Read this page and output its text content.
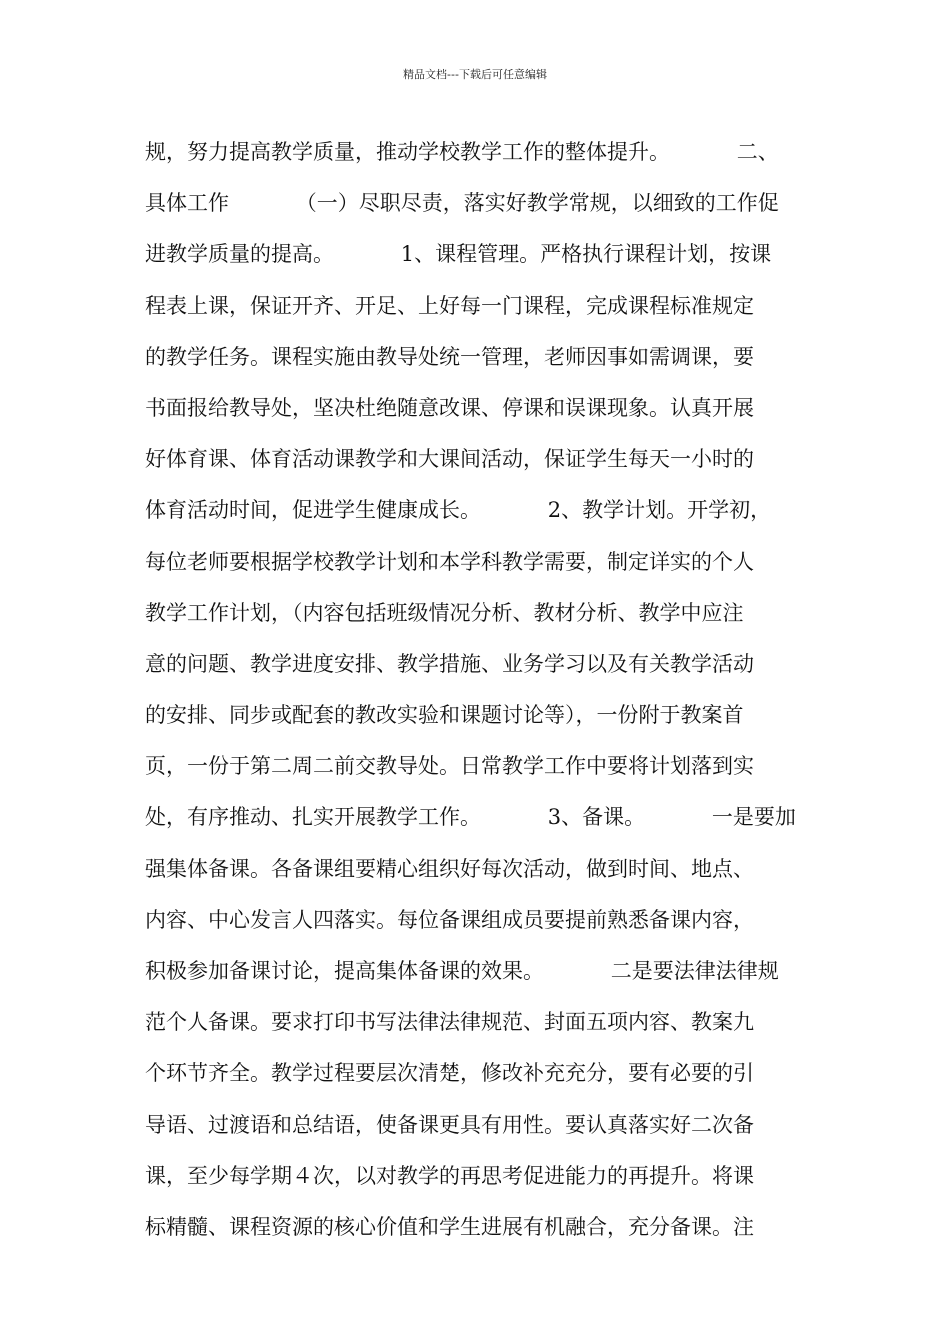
精品文档---下载后可任意编辑
规，努力提高教学质量，推动学校教学工作的整体提升。          二、
具体工作          （一）尽职尽责，落实好教学常规，以细致的工作促
进教学质量的提高。          1、课程管理。严格执行课程计划，按课
程表上课，保证开齐、开足、上好每一门课程，完成课程标准规定
的教学任务。课程实施由教导处统一管理，老师因事如需调课，要
书面报给教导处，坚决杜绝随意改课、停课和误课现象。认真开展
好体育课、体育活动课教学和大课间活动，保证学生每天一小时的
体育活动时间，促进学生健康成长。          2、教学计划。开学初，
每位老师要根据学校教学计划和本学科教学需要，制定详实的个人
教学工作计划，（内容包括班级情况分析、教材分析、教学中应注
意的问题、教学进度安排、教学措施、业务学习以及有关教学活动
的安排、同步或配套的教改实验和课题讨论等），一份附于教案首
页，一份于第二周二前交教导处。日常教学工作中要将计划落到实
处，有序推动、扎实开展教学工作。          3、备课。          一是要加
强集体备课。各备课组要精心组织好每次活动，做到时间、地点、
内容、中心发言人四落实。每位备课组成员要提前熟悉备课内容，
积极参加备课讨论，提高集体备课的效果。          二是要法律法律规
范个人备课。要求打印书写法律法律规范、封面五项内容、教案九
个环节齐全。教学过程要层次清楚，修改补充充分，要有必要的引
导语、过渡语和总结语，使备课更具有用性。要认真落实好二次备
课，至少每学期４次，以对教学的再思考促进能力的再提升。将课
标精髓、课程资源的核心价值和学生进展有机融合，充分备课。注
